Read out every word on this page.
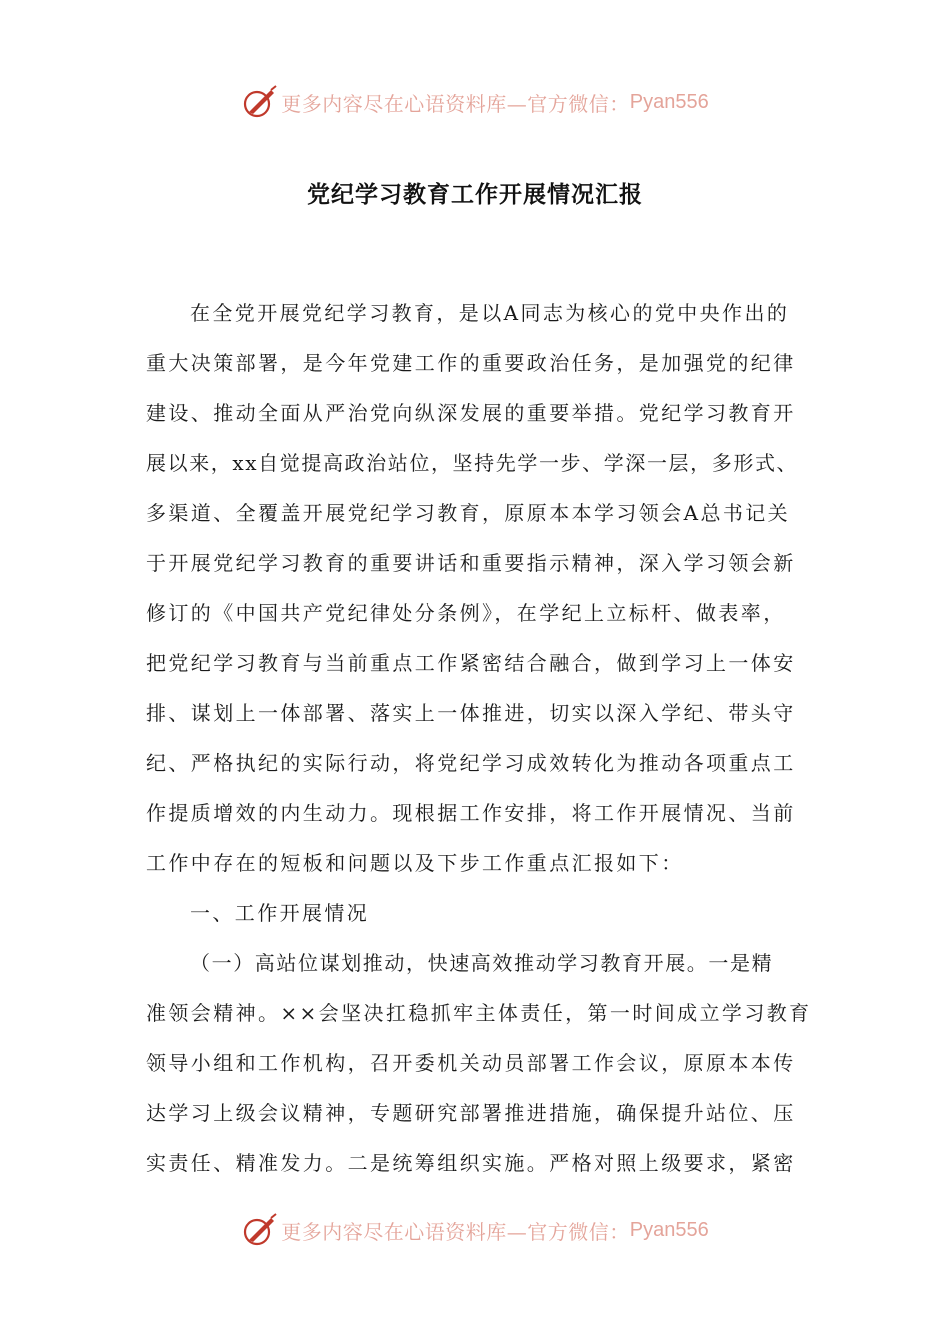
更多内容尽在心语资料库—官方微信： Pyan556
党纪学习教育工作开展情况汇报
在全党开展党纪学习教育，是以A同志为核心的党中央作出的
重大决策部署，是今年党建工作的重要政治任务，是加强党的纪律
建设、推动全面从严治党向纵深发展的重要举措。党纪学习教育开
展以来，xx自觉提高政治站位，坚持先学一步、学深一层，多形式、
多渠道、全覆盖开展党纪学习教育，原原本本学习领会A总书记关
于开展党纪学习教育的重要讲话和重要指示精神，深入学习领会新
修订的《中国共产党纪律处分条例》，在学纪上立标杆、做表率，
把党纪学习教育与当前重点工作紧密结合融合，做到学习上一体安
排、谋划上一体部署、落实上一体推进，切实以深入学纪、带头守
纪、严格执纪的实际行动，将党纪学习成效转化为推动各项重点工
作提质增效的内生动力。现根据工作安排，将工作开展情况、当前
工作中存在的短板和问题以及下步工作重点汇报如下：
一、工作开展情况
（一）高站位谋划推动，快速高效推动学习教育开展。一是精
准领会精神。××会坚决扛稳抓牢主体责任，第一时间成立学习教育
领导小组和工作机构，召开委机关动员部署工作会议，原原本本传
达学习上级会议精神，专题研究部署推进措施，确保提升站位、压
实责任、精准发力。二是统筹组织实施。严格对照上级要求，紧密
更多内容尽在心语资料库—官方微信： Pyan556
